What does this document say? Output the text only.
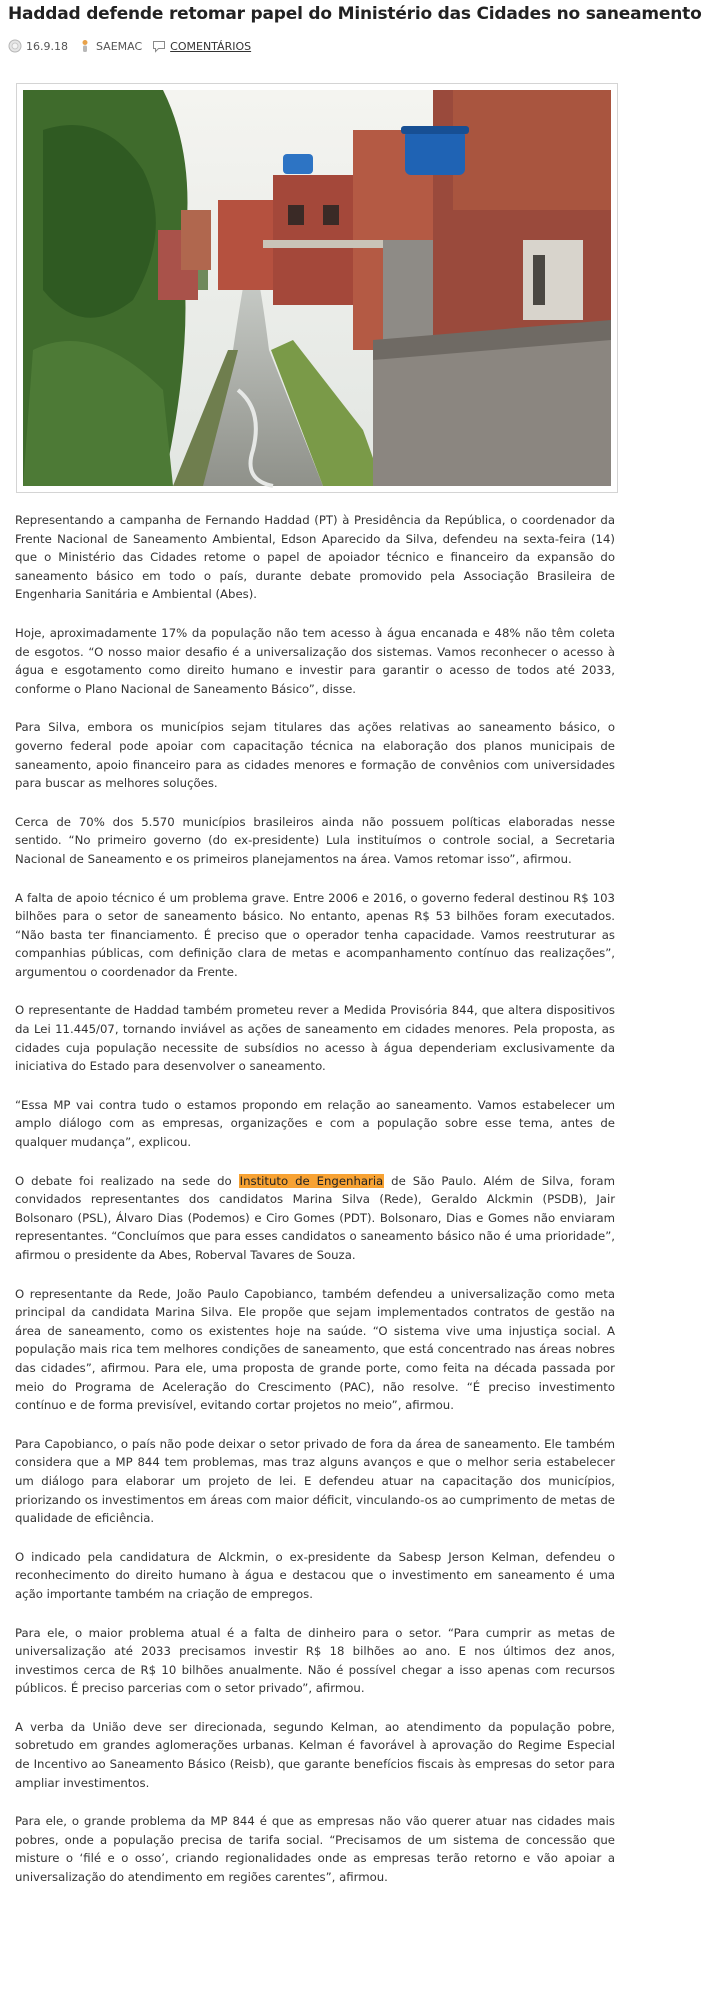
Haddad defende retomar papel do Ministério das Cidades no saneamento
16.9.18	SAEMAC	COMENTÁRIOS

Representando a campanha de Fernando Haddad (PT) à Presidência da República, o coordenador da Frente Nacional de Saneamento Ambiental, Edson Aparecido da Silva, defendeu na sexta-feira (14) que o Ministério das Cidades retome o papel de apoiador técnico e financeiro da expansão do saneamento básico em todo o país, durante debate promovido pela Associação Brasileira de Engenharia Sanitária e Ambiental (Abes).

Hoje, aproximadamente 17% da população não tem acesso à água encanada e 48% não têm coleta de esgotos. “O nosso maior desafio é a universalização dos sistemas. Vamos reconhecer o acesso à água e esgotamento como direito humano e investir para garantir o acesso de todos até 2033, conforme o Plano Nacional de Saneamento Básico”, disse.

Para Silva, embora os municípios sejam titulares das ações relativas ao saneamento básico, o governo federal pode apoiar com capacitação técnica na elaboração dos planos municipais de saneamento, apoio financeiro para as cidades menores e formação de convênios com universidades para buscar as melhores soluções.

Cerca de 70% dos 5.570 municípios brasileiros ainda não possuem políticas elaboradas nesse sentido. “No primeiro governo (do ex-presidente) Lula instituímos o controle social, a Secretaria Nacional de Saneamento e os primeiros planejamentos na área. Vamos retomar isso”, afirmou.

A falta de apoio técnico é um problema grave. Entre 2006 e 2016, o governo federal destinou R$ 103 bilhões para o setor de saneamento básico. No entanto, apenas R$ 53 bilhões foram executados. “Não basta ter financiamento. É preciso que o operador tenha capacidade. Vamos reestruturar as companhias públicas, com definição clara de metas e acompanhamento contínuo das realizações”, argumentou o coordenador da Frente.

O representante de Haddad também prometeu rever a Medida Provisória 844, que altera dispositivos da Lei 11.445/07, tornando inviável as ações de saneamento em cidades menores. Pela proposta, as cidades cuja população necessite de subsídios no acesso à água dependeriam exclusivamente da iniciativa do Estado para desenvolver o saneamento.

“Essa MP vai contra tudo o estamos propondo em relação ao saneamento. Vamos estabelecer um amplo diálogo com as empresas, organizações e com a população sobre esse tema, antes de qualquer mudança”, explicou.

O debate foi realizado na sede do Instituto de Engenharia de São Paulo. Além de Silva, foram convidados representantes dos candidatos Marina Silva (Rede), Geraldo Alckmin (PSDB), Jair Bolsonaro (PSL), Álvaro Dias (Podemos) e Ciro Gomes (PDT). Bolsonaro, Dias e Gomes não enviaram representantes. “Concluímos que para esses candidatos o saneamento básico não é uma prioridade”, afirmou o presidente da Abes, Roberval Tavares de Souza.

O representante da Rede, João Paulo Capobianco, também defendeu a universalização como meta principal da candidata Marina Silva. Ele propõe que sejam implementados contratos de gestão na área de saneamento, como os existentes hoje na saúde. “O sistema vive uma injustiça social. A população mais rica tem melhores condições de saneamento, que está concentrado nas áreas nobres das cidades”, afirmou. Para ele, uma proposta de grande porte, como feita na década passada por meio do Programa de Aceleração do Crescimento (PAC), não resolve. “É preciso investimento contínuo e de forma previsível, evitando cortar projetos no meio”, afirmou.

Para Capobianco, o país não pode deixar o setor privado de fora da área de saneamento. Ele também considera que a MP 844 tem problemas, mas traz alguns avanços e que o melhor seria estabelecer um diálogo para elaborar um projeto de lei. E defendeu atuar na capacitação dos municípios, priorizando os investimentos em áreas com maior déficit, vinculando-os ao cumprimento de metas de qualidade de eficiência.

O indicado pela candidatura de Alckmin, o ex-presidente da Sabesp Jerson Kelman, defendeu o reconhecimento do direito humano à água e destacou que o investimento em saneamento é uma ação importante também na criação de empregos.

Para ele, o maior problema atual é a falta de dinheiro para o setor. “Para cumprir as metas de universalização até 2033 precisamos investir R$ 18 bilhões ao ano. E nos últimos dez anos, investimos cerca de R$ 10 bilhões anualmente. Não é possível chegar a isso apenas com recursos públicos. É preciso parcerias com o setor privado”, afirmou.

A verba da União deve ser direcionada, segundo Kelman, ao atendimento da população pobre, sobretudo em grandes aglomerações urbanas. Kelman é favorável à aprovação do Regime Especial de Incentivo ao Saneamento Básico (Reisb), que garante benefícios fiscais às empresas do setor para ampliar investimentos.

Para ele, o grande problema da MP 844 é que as empresas não vão querer atuar nas cidades mais pobres, onde a população precisa de tarifa social. “Precisamos de um sistema de concessão que misture o ‘filé e o osso’, criando regionalidades onde as empresas terão retorno e vão apoiar a universalização do atendimento em regiões carentes”, afirmou.
